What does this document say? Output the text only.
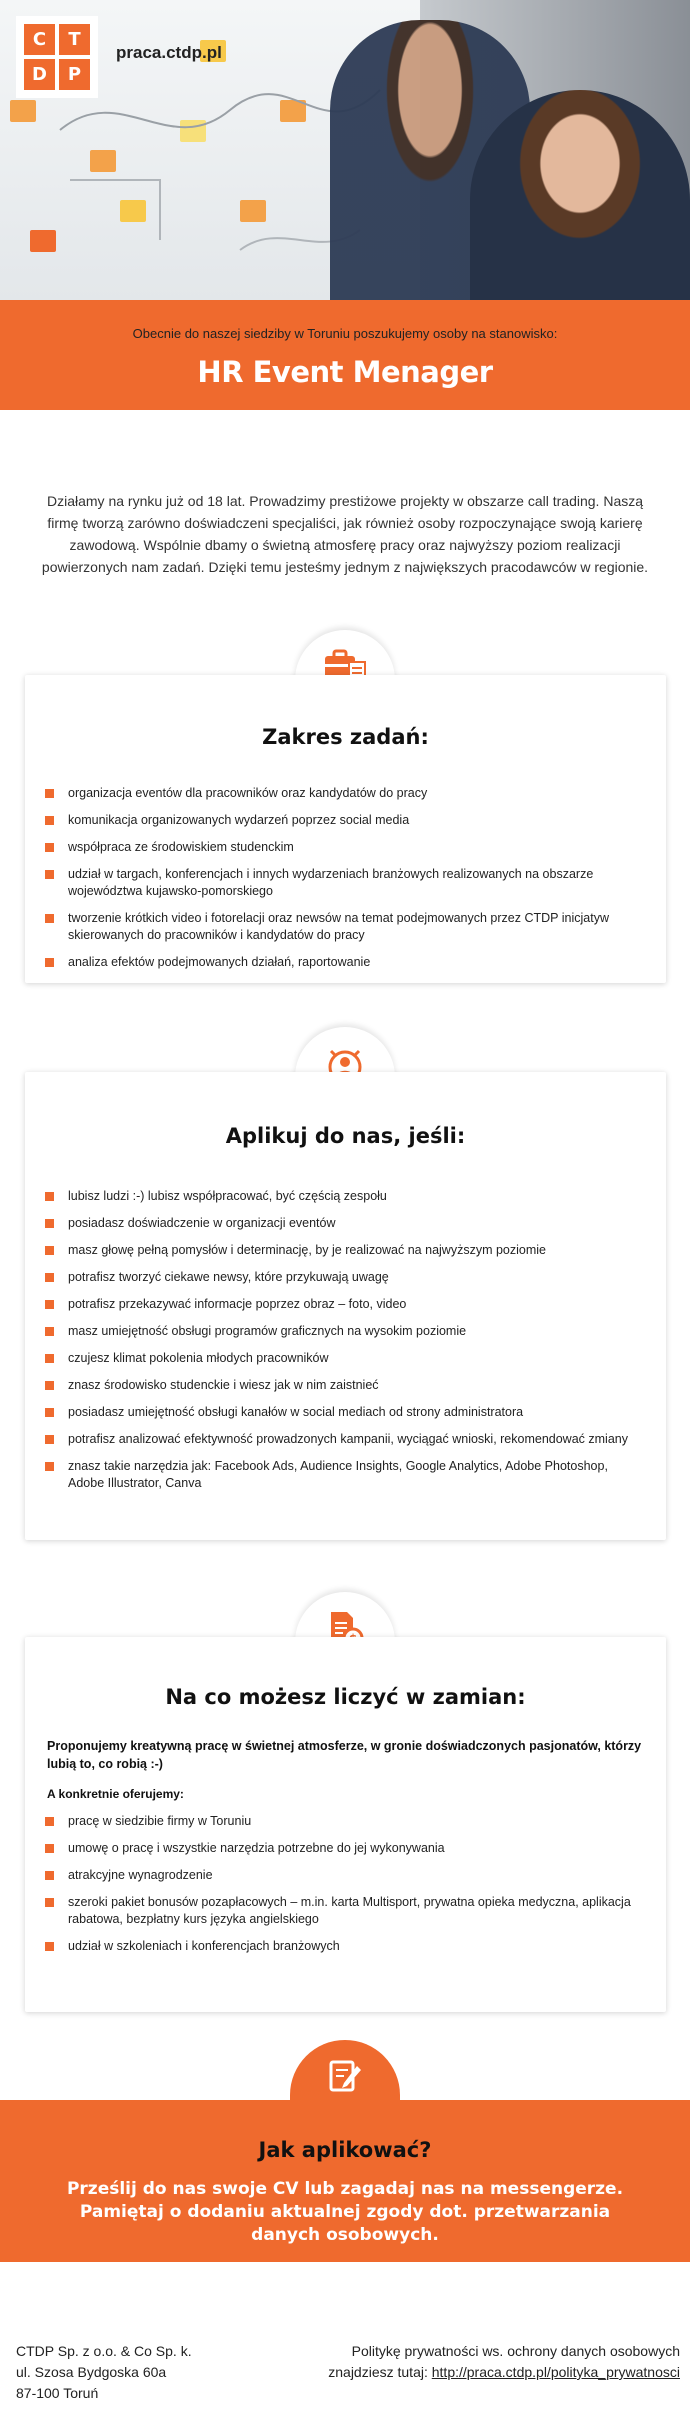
C	T
D	P
praca.ctdp.pl
Obecnie do naszej siedziby w Toruniu poszukujemy osoby na stanowisko:
HR Event Menager

Działamy na rynku już od 18 lat. Prowadzimy prestiżowe projekty w obszarze call trading. Naszą firmę tworzą zarówno doświadczeni specjaliści, jak również osoby rozpoczynające swoją karierę zawodową. Wspólnie dbamy o świetną atmosferę pracy oraz najwyższy poziom realizacji powierzonych nam zadań. Dzięki temu jesteśmy jednym z największych pracodawców w regionie.

Zakres zadań:
organizacja eventów dla pracowników oraz kandydatów do pracy
komunikacja organizowanych wydarzeń poprzez social media
współpraca ze środowiskiem studenckim
udział w targach, konferencjach i innych wydarzeniach branżowych realizowanych na obszarze województwa kujawsko-pomorskiego
tworzenie krótkich video i fotorelacji oraz newsów na temat podejmowanych przez CTDP inicjatyw skierowanych do pracowników i kandydatów do pracy
analiza efektów podejmowanych działań, raportowanie
Aplikuj do nas, jeśli:
lubisz ludzi :-) lubisz współpracować, być częścią zespołu
posiadasz doświadczenie w organizacji eventów
masz głowę pełną pomysłów i determinację, by je realizować na najwyższym poziomie
potrafisz tworzyć ciekawe newsy, które przykuwają uwagę
potrafisz przekazywać informacje poprzez obraz – foto, video
masz umiejętność obsługi programów graficznych na wysokim poziomie
czujesz klimat pokolenia młodych pracowników
znasz środowisko studenckie i wiesz jak w nim zaistnieć
posiadasz umiejętność obsługi kanałów w social mediach od strony administratora
potrafisz analizować efektywność prowadzonych kampanii, wyciągać wnioski, rekomendować zmiany
znasz takie narzędzia jak: Facebook Ads, Audience Insights, Google Analytics, Adobe Photoshop, Adobe Illustrator, Canva
Na co możesz liczyć w zamian:

Proponujemy kreatywną pracę w świetnej atmosferze, w gronie doświadczonych pasjonatów, którzy lubią to, co robią :-)

A konkretnie oferujemy:

pracę w siedzibie firmy w Toruniu
umowę o pracę i wszystkie narzędzia potrzebne do jej wykonywania
atrakcyjne wynagrodzenie
szeroki pakiet bonusów pozapłacowych – m.in. karta Multisport, prywatna opieka medyczna, aplikacja rabatowa, bezpłatny kurs języka angielskiego
udział w szkoleniach i konferencjach branżowych
Jak aplikować?

Prześlij do nas swoje CV lub zagadaj nas na messengerze. Pamiętaj o dodaniu aktualnej zgody dot. przetwarzania danych osobowych.

CTDP Sp. z o.o. & Co Sp. k.
ul. Szosa Bydgoska 60a
87-100 Toruń
Politykę prywatności ws. ochrony danych osobowych
znajdziesz tutaj: http://praca.ctdp.pl/polityka_prywatnosci
